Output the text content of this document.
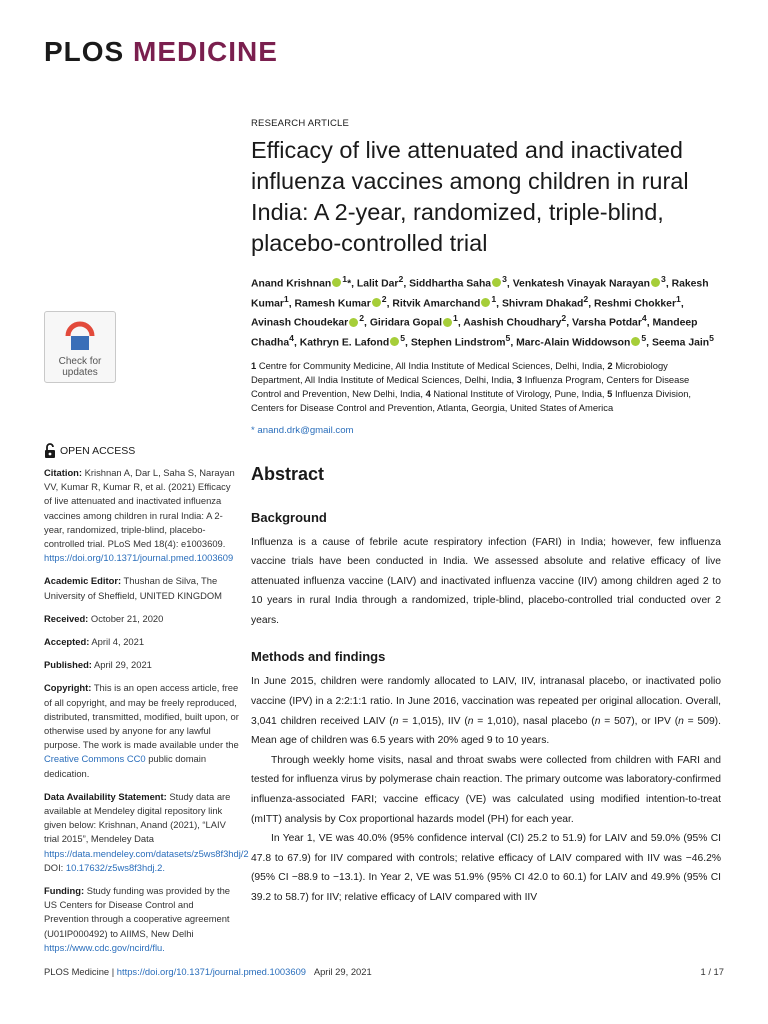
PLOS MEDICINE
Check for
updates
OPEN ACCESS

Citation: Krishnan A, Dar L, Saha S, Narayan VV, Kumar R, Kumar R, et al. (2021) Efficacy of live attenuated and inactivated influenza vaccines among children in rural India: A 2-year, randomized, triple-blind, placebo-controlled trial. PLoS Med 18(4): e1003609. https://doi.org/10.1371/journal.pmed.1003609

Academic Editor: Thushan de Silva, The University of Sheffield, UNITED KINGDOM

Received: October 21, 2020

Accepted: April 4, 2021

Published: April 29, 2021

Copyright: This is an open access article, free of all copyright, and may be freely reproduced, distributed, transmitted, modified, built upon, or otherwise used by anyone for any lawful purpose. The work is made available under the Creative Commons CC0 public domain dedication.

Data Availability Statement: Study data are available at Mendeley digital repository link given below: Krishnan, Anand (2021), “LAIV trial 2015”, Mendeley Data https://data.mendeley.com/datasets/z5ws8f3hdj/2 DOI: 10.17632/z5ws8f3hdj.2.

Funding: Study funding was provided by the US Centers for Disease Control and Prevention through a cooperative agreement (U01IP000492) to AIIMS, New Delhi https://www.cdc.gov/ncird/flu.

RESEARCH ARTICLE
Efficacy of live attenuated and inactivated influenza vaccines among children in rural India: A 2-year, randomized, triple-blind, placebo-controlled trial
Anand Krishnan $^1$*, Lalit Dar$^2$, Siddhartha Saha $^3$, Venkatesh Vinayak Narayan $^3$, Rakesh Kumar$^1$, Ramesh Kumar $^2$, Ritvik Amarchand $^1$, Shivram Dhakad$^2$, Reshmi Chokker$^1$, Avinash Choudekar $^2$, Giridara Gopal $^1$, Aashish Choudhary$^2$, Varsha Potdar$^4$, Mandeep Chadha$^4$, Kathryn E. Lafond $^5$, Stephen Lindstrom$^5$, Marc-Alain Widdowson $^5$, Seema Jain$^5$
1 Centre for Community Medicine, All India Institute of Medical Sciences, Delhi, India, 2 Microbiology Department, All India Institute of Medical Sciences, Delhi, India, 3 Influenza Program, Centers for Disease Control and Prevention, New Delhi, India, 4 National Institute of Virology, Pune, India, 5 Influenza Division, Centers for Disease Control and Prevention, Atlanta, Georgia, United States of America
* anand.drk@gmail.com
Abstract
Background

Influenza is a cause of febrile acute respiratory infection (FARI) in India; however, few influenza vaccine trials have been conducted in India. We assessed absolute and relative efficacy of live attenuated influenza vaccine (LAIV) and inactivated influenza vaccine (IIV) among children aged 2 to 10 years in rural India through a randomized, triple-blind, placebo-controlled trial conducted over 2 years.

Methods and findings

In June 2015, children were randomly allocated to LAIV, IIV, intranasal placebo, or inactivated polio vaccine (IPV) in a 2:2:1:1 ratio. In June 2016, vaccination was repeated per original allocation. Overall, 3,041 children received LAIV (n = 1,015), IIV (n = 1,010), nasal placebo (n = 507), or IPV (n = 509). Mean age of children was 6.5 years with 20% aged 9 to 10 years.

Through weekly home visits, nasal and throat swabs were collected from children with FARI and tested for influenza virus by polymerase chain reaction. The primary outcome was laboratory-confirmed influenza-associated FARI; vaccine efficacy (VE) was calculated using modified intention-to-treat (mITT) analysis by Cox proportional hazards model (PH) for each year.

In Year 1, VE was 40.0% (95% confidence interval (CI) 25.2 to 51.9) for LAIV and 59.0% (95% CI 47.8 to 67.9) for IIV compared with controls; relative efficacy of LAIV compared with IIV was −46.2% (95% CI −88.9 to −13.1). In Year 2, VE was 51.9% (95% CI 42.0 to 60.1) for LAIV and 49.9% (95% CI 39.2 to 58.7) for IIV; relative efficacy of LAIV compared with IIV

PLOS Medicine | https://doi.org/10.1371/journal.pmed.1003609 April 29, 2021	1 / 17
